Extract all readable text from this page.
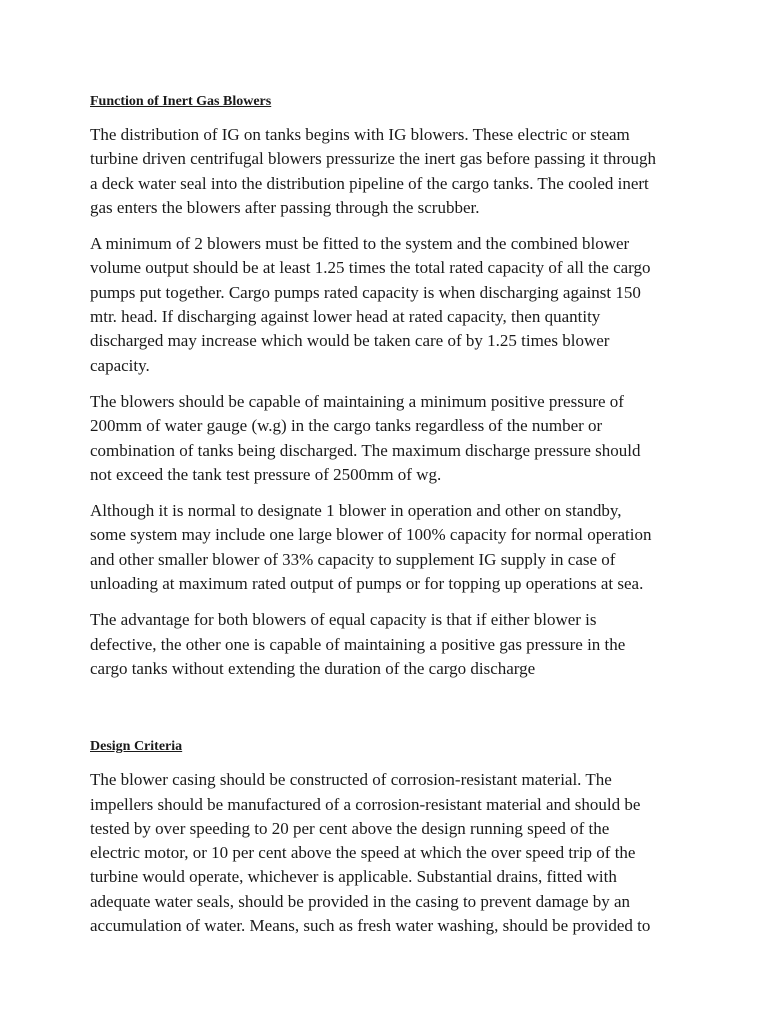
Function of Inert Gas Blowers

The distribution of IG on tanks begins with IG blowers. These electric or steam
turbine driven centrifugal blowers pressurize the inert gas before passing it through
a deck water seal into the distribution pipeline of the cargo tanks. The cooled inert
gas enters the blowers after passing through the scrubber.

A minimum of 2 blowers must be fitted to the system and the combined blower
volume output should be at least 1.25 times the total rated capacity of all the cargo
pumps put together. Cargo pumps rated capacity is when discharging against 150
mtr. head. If discharging against lower head at rated capacity, then quantity
discharged may increase which would be taken care of by 1.25 times blower
capacity.

The blowers should be capable of maintaining a minimum positive pressure of
200mm of water gauge (w.g) in the cargo tanks regardless of the number or
combination of tanks being discharged. The maximum discharge pressure should
not exceed the tank test pressure of 2500mm of wg.

Although it is normal to designate 1 blower in operation and other on standby,
some system may include one large blower of 100% capacity for normal operation
and other smaller blower of 33% capacity to supplement IG supply in case of
unloading at maximum rated output of pumps or for topping up operations at sea.

The advantage for both blowers of equal capacity is that if either blower is
defective, the other one is capable of maintaining a positive gas pressure in the
cargo tanks without extending the duration of the cargo discharge

Design Criteria

The blower casing should be constructed of corrosion-resistant material. The
impellers should be manufactured of a corrosion-resistant material and should be
tested by over speeding to 20 per cent above the design running speed of the
electric motor, or 10 per cent above the speed at which the over speed trip of the
turbine would operate, whichever is applicable. Substantial drains, fitted with
adequate water seals, should be provided in the casing to prevent damage by an
accumulation of water. Means, such as fresh water washing, should be provided to
